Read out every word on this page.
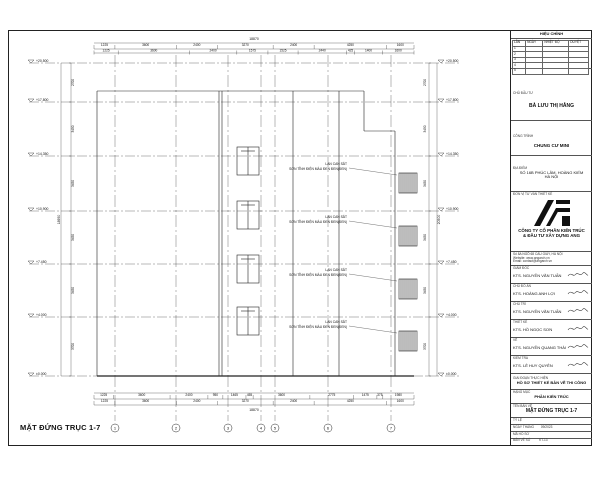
18870
1225	3600	2400	3270	2400	4250	1600
1225	3600	2400	1575	1525	2440	425	1400	1600
1225	3600	2400	950	1465	455	3600	2775	1475	375	1980
1225	3600	2400	3270	2400	4250	1600
18870
+20.500	+20.500
+17.800	+17.800
+14.350	+14.350
+10.900	+10.900
+7.450	+7.450
+4.000	+4.000
±0.000	±0.000
2700
3450
3450
3450
3450
3700
18950
2700
3450
3450
3450
3450
3700
20500
1	2	3	4	5	6	7
LAN CAN SẮT
SƠN TĨNH ĐIỆN MÀU ĐEN ĐEN(ĐEN)
LAN CAN SẮT
SƠN TĨNH ĐIỆN MÀU ĐEN ĐEN(ĐEN)
LAN CAN SẮT
SƠN TĨNH ĐIỆN MÀU ĐEN ĐEN(ĐEN)
LAN CAN SẮT
SƠN TĨNH ĐIỆN MÀU ĐEN ĐEN(ĐEN)
MẶT ĐỨNG TRỤC 1-7
HIỆU CHỈNH
LẦN	NGÀY	NHIỆT ĐỘ	DUYỆT
1			
2			
3			
4			
5			
CHỦ ĐẦU TƯ
BÀ LƯU THỊ HẰNG
CÔNG TRÌNH
CHUNG CƯ MINI
ĐỊA ĐIỂM
SỐ 16B PHÚC LÂM, HOÀNG KIẾM
HÀ NỘI
ĐƠN VỊ TƯ VẤN THIẾT KẾ
CÔNG TY CỔ PHẦN KIẾN TRÚC
& ĐẦU TƯ XÂY DỰNG ANG
Số 8A NGÕ 68 CẦU GIẤY, HÀ NỘI
Website: www.angarch.vn
Email: contact@angarch.vn
GIAI ĐOẠN THỰC HIỆN
HỒ SƠ THIẾT KẾ BẢN VẼ THI CÔNG
HẠNG MỤC
PHẦN KIẾN TRÚC
TÊN BẢN VẼ
MẶT ĐỨNG TRỤC 1-7
TỶ LỆ
NGÀY THÁNG 09/2023
MÃ HỒ SƠ
BẢN VẼ SỐ	KT-13
GIÁM ĐỐC
KTS. NGUYỄN VĂN TUẤN
CHỦ ĐỒ ÁN
KTS. HOÀNG ANH LỢI
CHỦ TRÌ
KTS. NGUYỄN VĂN TUẤN
THIẾT KẾ
KTS. HỒ NGỌC SƠN
VẼ
KTS. NGUYỄN QUANG THÀI
KIỂM TRA
KTS. LÊ HUY QUYÊN
